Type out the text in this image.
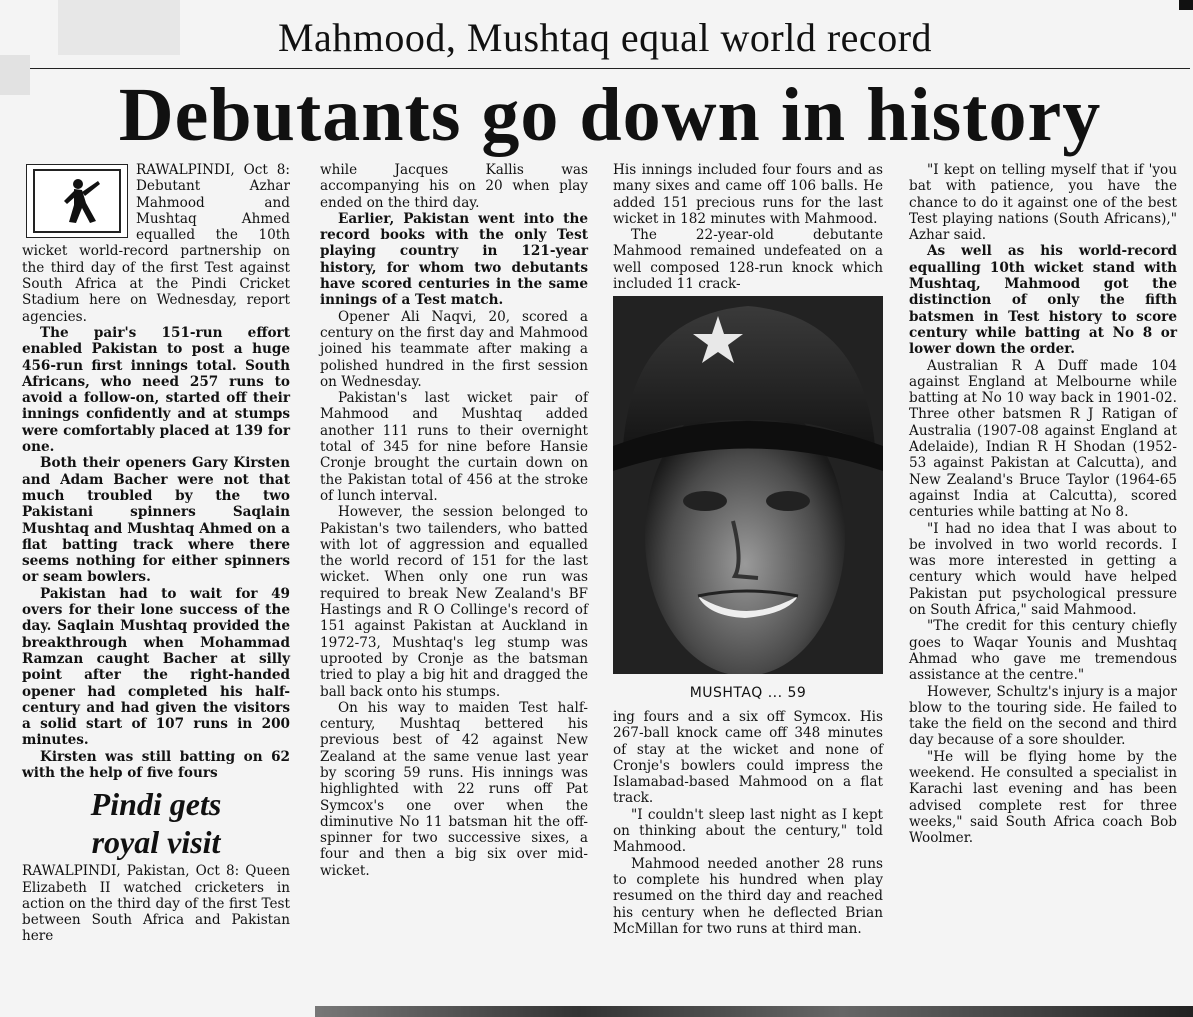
Mahmood, Mushtaq equal world record
Debutants go down in history

RAWALPINDI, Oct 8: Debutant Azhar Mahmood and Mushtaq Ahmed equalled the 10th wicket world-record partnership on the third day of the first Test against South Africa at the Pindi Cricket Stadium here on Wednesday, report agencies.

The pair's 151-run effort enabled Pakistan to post a huge 456-run first innings total. South Africans, who need 257 runs to avoid a follow-on, started off their innings confidently and at stumps were comfortably placed at 139 for one.

Both their openers Gary Kirsten and Adam Bacher were not that much troubled by the two Pakistani spinners Saqlain Mushtaq and Mushtaq Ahmed on a flat batting track where there seems nothing for either spinners or seam bowlers.

Pakistan had to wait for 49 overs for their lone success of the day. Saqlain Mushtaq provided the breakthrough when Mohammad Ramzan caught Bacher at silly point after the right-handed opener had completed his half-century and had given the visitors a solid start of 107 runs in 200 minutes.

Kirsten was still batting on 62 with the help of five fours

Pindi gets
royal visit

RAWALPINDI, Pakistan, Oct 8: Queen Elizabeth II watched cricketers in action on the third day of the first Test between South Africa and Pakistan here

while Jacques Kallis was accompanying his on 20 when play ended on the third day.

Earlier, Pakistan went into the record books with the only Test playing country in 121-year history, for whom two debutants have scored centuries in the same innings of a Test match.

Opener Ali Naqvi, 20, scored a century on the first day and Mahmood joined his teammate after making a polished hundred in the first session on Wednesday.

Pakistan's last wicket pair of Mahmood and Mushtaq added another 111 runs to their overnight total of 345 for nine before Hansie Cronje brought the curtain down on the Pakistan total of 456 at the stroke of lunch interval.

However, the session belonged to Pakistan's two tailenders, who batted with lot of aggression and equalled the world record of 151 for the last wicket. When only one run was required to break New Zealand's BF Hastings and R O Collinge's record of 151 against Pakistan at Auckland in 1972-73, Mushtaq's leg stump was uprooted by Cronje as the batsman tried to play a big hit and dragged the ball back onto his stumps.

On his way to maiden Test half-century, Mushtaq bettered his previous best of 42 against New Zealand at the same venue last year by scoring 59 runs. His innings was highlighted with 22 runs off Pat Symcox's one over when the diminutive No 11 batsman hit the off-spinner for two successive sixes, a four and then a big six over mid-wicket.

His innings included four fours and as many sixes and came off 106 balls. He added 151 precious runs for the last wicket in 182 minutes with Mahmood.

The 22-year-old debutante Mahmood remained undefeated on a well composed 128-run knock which included 11 crack-

MUSHTAQ ... 59

ing fours and a six off Symcox. His 267-ball knock came off 348 minutes of stay at the wicket and none of Cronje's bowlers could impress the Islamabad-based Mahmood on a flat track.

"I couldn't sleep last night as I kept on thinking about the century," told Mahmood.

Mahmood needed another 28 runs to complete his hundred when play resumed on the third day and reached his century when he deflected Brian McMillan for two runs at third man.

"I kept on telling myself that if 'you bat with patience, you have the chance to do it against one of the best Test playing nations (South Africans)," Azhar said.

As well as his world-record equalling 10th wicket stand with Mushtaq, Mahmood got the distinction of only the fifth batsmen in Test history to score century while batting at No 8 or lower down the order.

Australian R A Duff made 104 against England at Melbourne while batting at No 10 way back in 1901-02. Three other batsmen R J Ratigan of Australia (1907-08 against England at Adelaide), Indian R H Shodan (1952-53 against Pakistan at Calcutta), and New Zealand's Bruce Taylor (1964-65 against India at Calcutta), scored centuries while batting at No 8.

"I had no idea that I was about to be involved in two world records. I was more interested in getting a century which would have helped Pakistan put psychological pressure on South Africa," said Mahmood.

"The credit for this century chiefly goes to Waqar Younis and Mushtaq Ahmad who gave me tremendous assistance at the centre."

However, Schultz's injury is a major blow to the touring side. He failed to take the field on the second and third day because of a sore shoulder.

"He will be flying home by the weekend. He consulted a specialist in Karachi last evening and has been advised complete rest for three weeks," said South Africa coach Bob Woolmer.
